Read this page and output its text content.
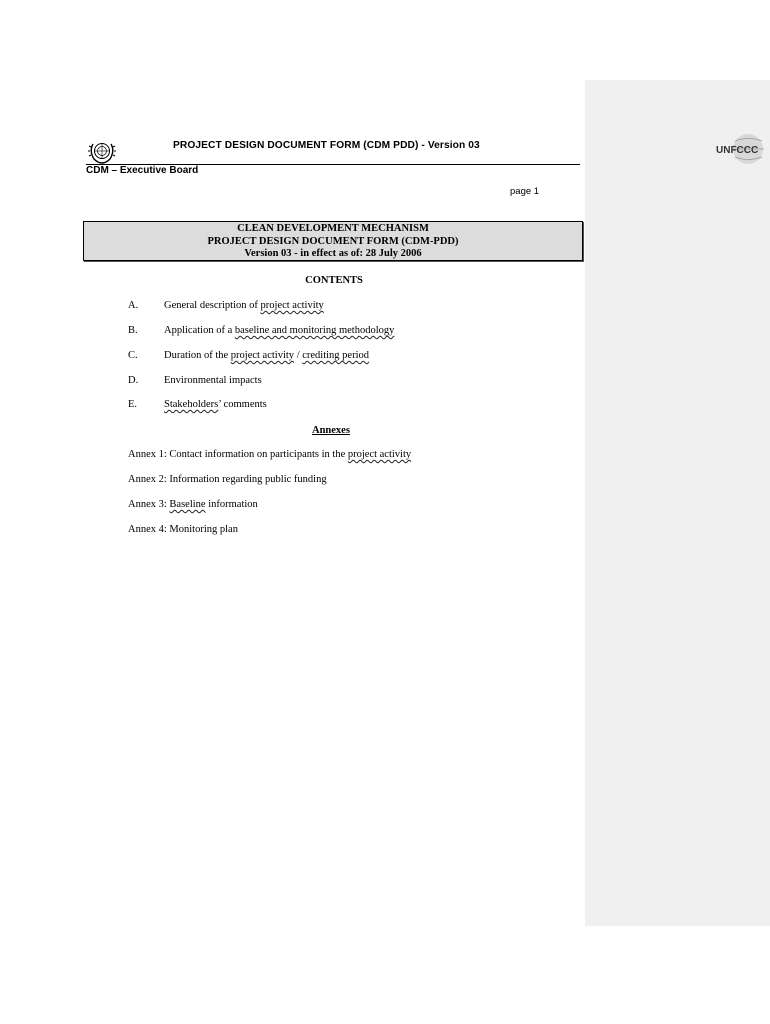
PROJECT DESIGN DOCUMENT FORM (CDM PDD) - Version 03
CDM – Executive Board
page 1
UNFCCC
CLEAN DEVELOPMENT MECHANISM
PROJECT DESIGN DOCUMENT FORM (CDM-PDD)
Version 03 - in effect as of: 28 July 2006
CONTENTS
A. General description of project activity
B.	Application of a baseline and monitoring methodology
C.	Duration of the project activity / crediting period
D. Environmental impacts
E.	Stakeholders’ comments
Annexes
Annex 1: Contact information on participants in the project activity
Annex 2: Information regarding public funding
Annex 3: Baseline information
Annex 4: Monitoring plan
